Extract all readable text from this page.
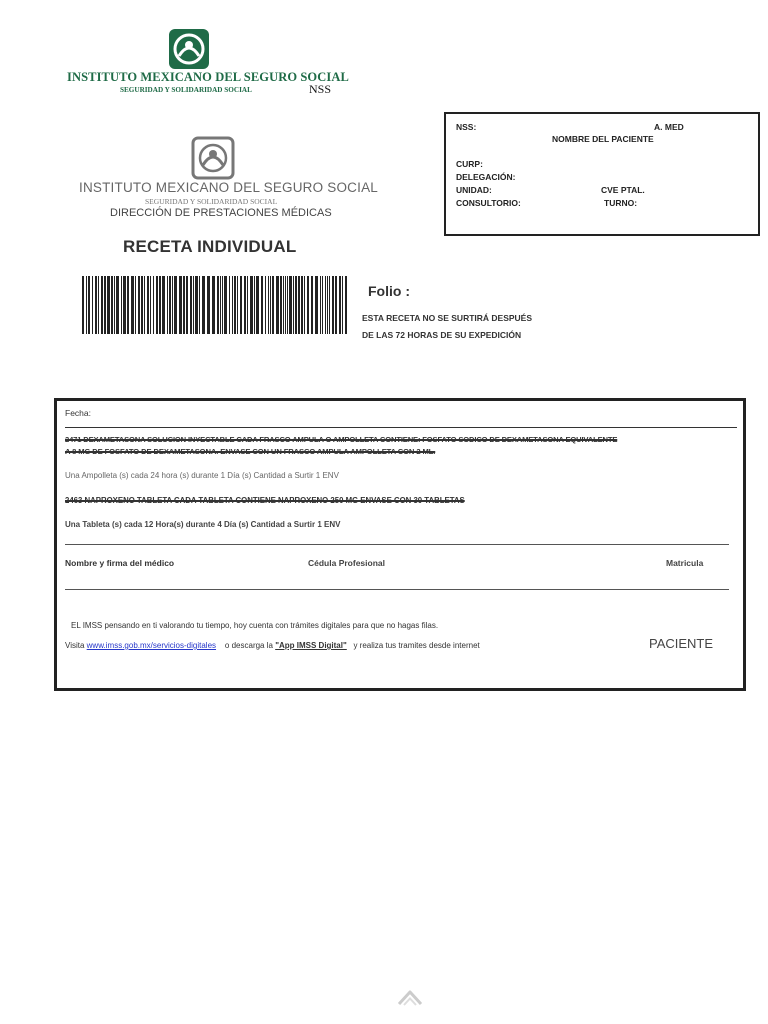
INSTITUTO MEXICANO DEL SEGURO SOCIAL
SEGURIDAD Y SOLIDARIDAD SOCIAL	NSS
INSTITUTO MEXICANO DEL SEGURO SOCIAL
SEGURIDAD Y SOLIDARIDAD SOCIAL
DIRECCIÓN DE PRESTACIONES MÉDICAS
RECETA INDIVIDUAL
Folio :
ESTA RECETA NO SE SURTIRÁ DESPUÉS
DE LAS 72 HORAS DE SU EXPEDICIÓN
NSS:	A. MED
NOMBRE DEL PACIENTE
CURP:
DELEGACIÓN:
UNIDAD:	CVE PTAL.
CONSULTORIO:	TURNO:
Fecha:
2471 DEXAMETASONA SOLUCION INYECTABLE CADA FRASCO AMPULA O AMPOLLETA CONTIENE: FOSFATO SODICO DE DEXAMETASONA EQUIVALENTE
A 8 MG DE FOSFATO DE DEXAMETASONA. ENVASE CON UN FRASCO AMPULA AMPOLLETA CON 2 ML.
Una Ampolleta (s) cada 24 hora (s) durante 1 Día (s) Cantidad a Surtir 1 ENV
2463 NAPROXENO TABLETA CADA TABLETA CONTIENE NAPROXENO 250 MG ENVASE CON 30 TABLETAS
Una Tableta (s) cada 12 Hora(s) durante 4 Día (s) Cantidad a Surtir 1 ENV
Nombre y firma del médico	Cédula Profesional	Matricula
EL IMSS pensando en ti valorando tu tiempo, hoy cuenta con trámites digitales para que no hagas filas.
Visita www.imss.gob.mx/servicios-digitales o descarga la "App IMSS Digital" y realiza tus tramites desde internet	PACIENTE
